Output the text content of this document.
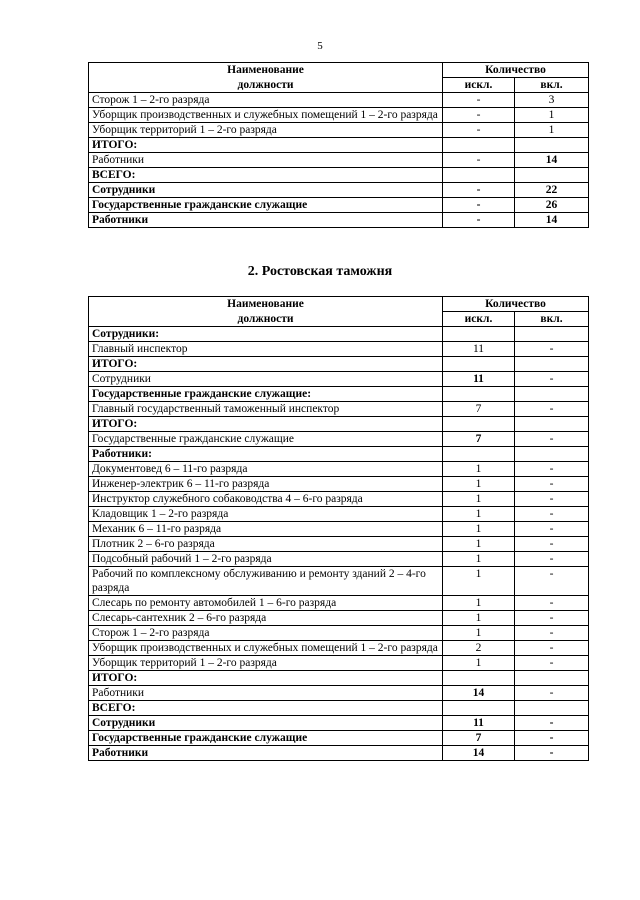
5
Наименование	Количество	
должности	искл.	вкл.
Сторож 1 – 2-го разряда	-	3
Уборщик производственных и служебных помещений 1 – 2-го разряда	-	1
Уборщик территорий 1 – 2-го разряда	-	1
ИТОГО:		
Работники	-	14
ВСЕГО:		
Сотрудники	-	22
Государственные гражданские служащие	-	26
Работники	-	14
2. Ростовская таможня
Наименование	Количество	
должности	искл.	вкл.
Сотрудники:		
Главный инспектор	11	-
ИТОГО:		
Сотрудники	11	-
Государственные гражданские служащие:		
Главный государственный таможенный инспектор	7	-
ИТОГО:		
Государственные гражданские служащие	7	-
Работники:		
Документовед 6 – 11-го разряда	1	-
Инженер-электрик 6 – 11-го разряда	1	-
Инструктор служебного собаководства 4 – 6-го разряда	1	-
Кладовщик 1 – 2-го разряда	1	-
Механик 6 – 11-го разряда	1	-
Плотник 2 – 6-го разряда	1	-
Подсобный рабочий 1 – 2-го разряда	1	-
Рабочий по комплексному обслуживанию и ремонту зданий 2 – 4-го разряда	1	-
Слесарь по ремонту автомобилей 1 – 6-го разряда	1	-
Слесарь-сантехник 2 – 6-го разряда	1	-
Сторож 1 – 2-го разряда	1	-
Уборщик производственных и служебных помещений 1 – 2-го разряда	2	-
Уборщик территорий 1 – 2-го разряда	1	-
ИТОГО:		
Работники	14	-
ВСЕГО:		
Сотрудники	11	-
Государственные гражданские служащие	7	-
Работники	14	-
